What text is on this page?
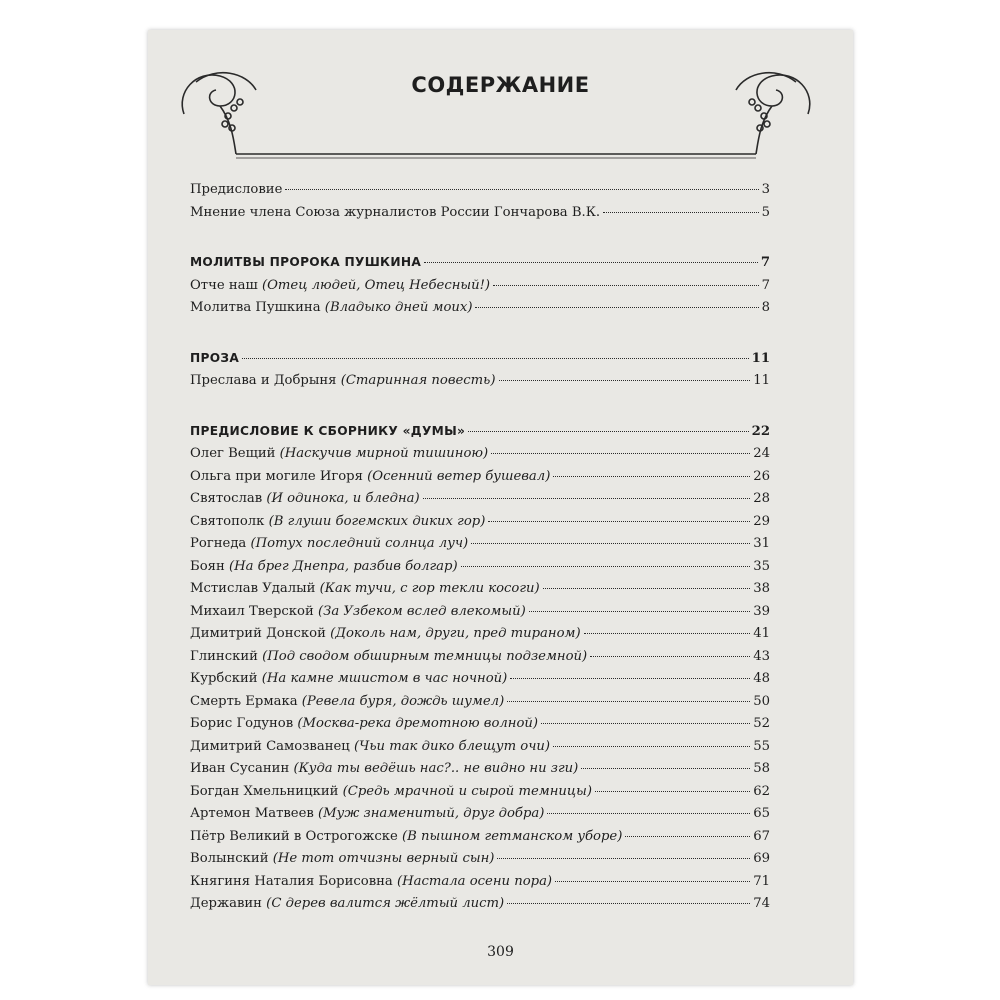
СОДЕРЖАНИЕ
Предисловие	3
Мнение члена Союза журналистов России Гончарова В.К.	5
МОЛИТВЫ ПРОРОКА ПУШКИНА	7
Отче наш (Отец людей, Отец Небесный!)	7
Молитва Пушкина (Владыко дней моих)	8
ПРОЗА	11
Преслава и Добрыня (Старинная повесть)	11
ПРЕДИСЛОВИЕ К СБОРНИКУ «ДУМЫ»	22
Олег Вещий (Наскучив мирной тишиною)	24
Ольга при могиле Игоря (Осенний ветер бушевал)	26
Святослав (И одинока, и бледна)	28
Святополк (В глуши богемских диких гор)	29
Рогнеда (Потух последний солнца луч)	31
Боян (На брег Днепра, разбив болгар)	35
Мстислав Удалый (Как тучи, с гор текли косоги)	38
Михаил Тверской (За Узбеком вслед влекомый)	39
Димитрий Донской (Доколь нам, други, пред тираном)	41
Глинский (Под сводом обширным темницы подземной)	43
Курбский (На камне мшистом в час ночной)	48
Смерть Ермака (Ревела буря, дождь шумел)	50
Борис Годунов (Москва-река дремотною волной)	52
Димитрий Самозванец (Чьи так дико блещут очи)	55
Иван Сусанин (Куда ты ведёшь нас?.. не видно ни зги)	58
Богдан Хмельницкий (Средь мрачной и сырой темницы)	62
Артемон Матвеев (Муж знаменитый, друг добра)	65
Пётр Великий в Острогожске (В пышном гетманском уборе)	67
Волынский (Не тот отчизны верный сын)	69
Княгиня Наталия Борисовна (Настала осени пора)	71
Державин (С дерев валится жёлтый лист)	74
309
